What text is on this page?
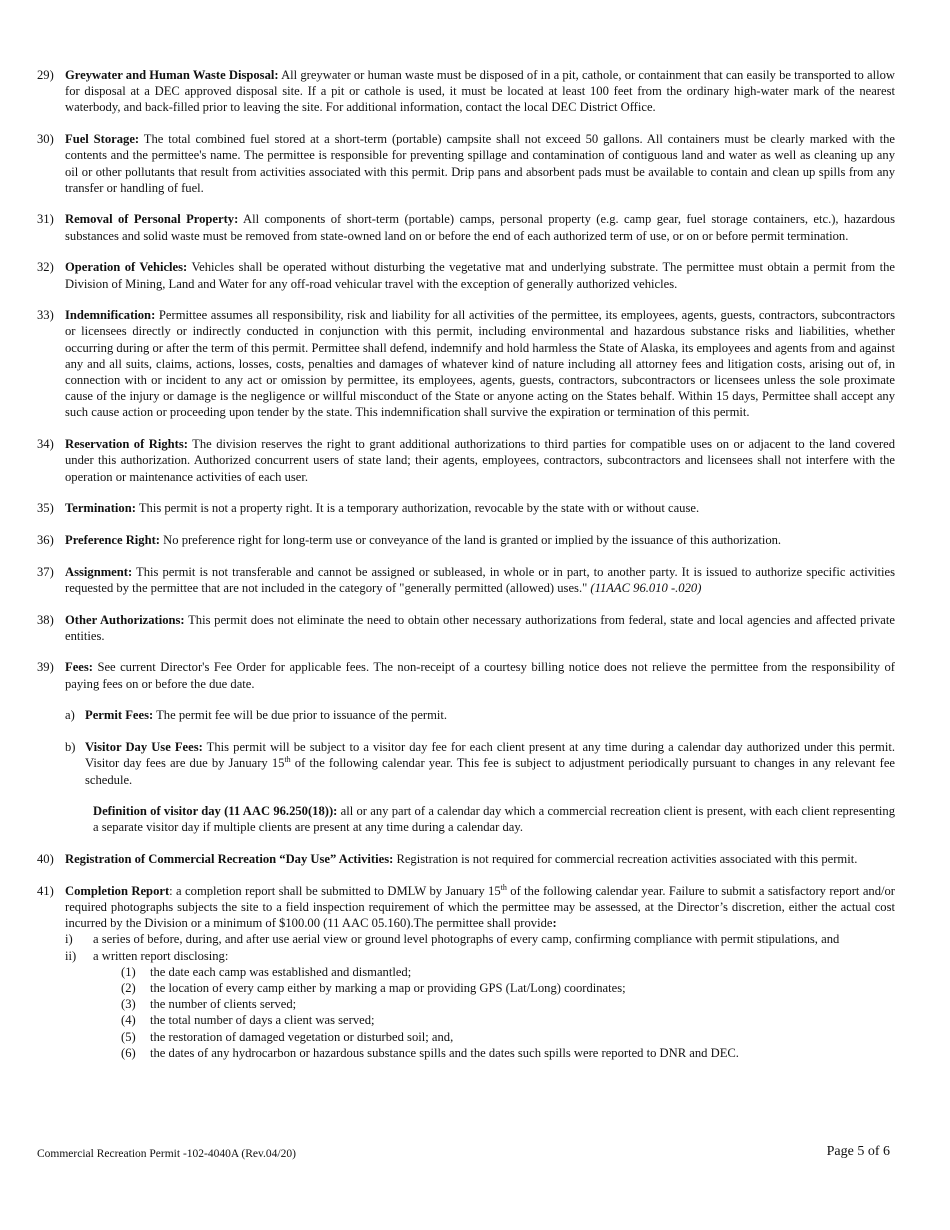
29) Greywater and Human Waste Disposal: All greywater or human waste must be disposed of in a pit, cathole, or containment that can easily be transported to allow for disposal at a DEC approved disposal site. If a pit or cathole is used, it must be located at least 100 feet from the ordinary high-water mark of the nearest waterbody, and back-filled prior to leaving the site. For additional information, contact the local DEC District Office.
30) Fuel Storage: The total combined fuel stored at a short-term (portable) campsite shall not exceed 50 gallons. All containers must be clearly marked with the contents and the permittee's name. The permittee is responsible for preventing spillage and contamination of contiguous land and water as well as cleaning up any oil or other pollutants that result from activities associated with this permit. Drip pans and absorbent pads must be available to contain and clean up spills from any transfer or handling of fuel.
31) Removal of Personal Property: All components of short-term (portable) camps, personal property (e.g. camp gear, fuel storage containers, etc.), hazardous substances and solid waste must be removed from state-owned land on or before the end of each authorized term of use, or on or before permit termination.
32) Operation of Vehicles: Vehicles shall be operated without disturbing the vegetative mat and underlying substrate. The permittee must obtain a permit from the Division of Mining, Land and Water for any off-road vehicular travel with the exception of generally authorized vehicles.
33) Indemnification: Permittee assumes all responsibility, risk and liability for all activities of the permittee, its employees, agents, guests, contractors, subcontractors or licensees directly or indirectly conducted in conjunction with this permit, including environmental and hazardous substance risks and liabilities, whether occurring during or after the term of this permit. Permittee shall defend, indemnify and hold harmless the State of Alaska, its employees and agents from and against any and all suits, claims, actions, losses, costs, penalties and damages of whatever kind of nature including all attorney fees and litigation costs, arising out of, in connection with or incident to any act or omission by permittee, its employees, agents, guests, contractors, subcontractors or licensees unless the sole proximate cause of the injury or damage is the negligence or willful misconduct of the State or anyone acting on the States behalf. Within 15 days, Permittee shall accept any such cause action or proceeding upon tender by the state. This indemnification shall survive the expiration or termination of this permit.
34) Reservation of Rights: The division reserves the right to grant additional authorizations to third parties for compatible uses on or adjacent to the land covered under this authorization. Authorized concurrent users of state land; their agents, employees, contractors, subcontractors and licensees shall not interfere with the operation or maintenance activities of each user.
35) Termination: This permit is not a property right. It is a temporary authorization, revocable by the state with or without cause.
36) Preference Right: No preference right for long-term use or conveyance of the land is granted or implied by the issuance of this authorization.
37) Assignment: This permit is not transferable and cannot be assigned or subleased, in whole or in part, to another party. It is issued to authorize specific activities requested by the permittee that are not included in the category of "generally permitted (allowed) uses." (11AAC 96.010 -.020)
38) Other Authorizations: This permit does not eliminate the need to obtain other necessary authorizations from federal, state and local agencies and affected private entities.
39) Fees: See current Director's Fee Order for applicable fees. The non-receipt of a courtesy billing notice does not relieve the permittee from the responsibility of paying fees on or before the due date.
a) Permit Fees: The permit fee will be due prior to issuance of the permit.
b) Visitor Day Use Fees: This permit will be subject to a visitor day fee for each client present at any time during a calendar day authorized under this permit. Visitor day fees are due by January 15th of the following calendar year. This fee is subject to adjustment periodically pursuant to changes in any relevant fee schedule.
Definition of visitor day (11 AAC 96.250(18)): all or any part of a calendar day which a commercial recreation client is present, with each client representing a separate visitor day if multiple clients are present at any time during a calendar day.
40) Registration of Commercial Recreation “Day Use” Activities: Registration is not required for commercial recreation activities associated with this permit.
41) Completion Report: a completion report shall be submitted to DMLW by January 15th of the following calendar year. Failure to submit a satisfactory report and/or required photographs subjects the site to a field inspection requirement of which the permittee may be assessed, at the Director’s discretion, either the actual cost incurred by the Division or a minimum of $100.00 (11 AAC 05.160).The permittee shall provide:
i)	a series of before, during, and after use aerial view or ground level photographs of every camp, confirming compliance with permit stipulations, and
ii)	a written report disclosing:
(1)	the date each camp was established and dismantled;
(2)	the location of every camp either by marking a map or providing GPS (Lat/Long) coordinates;
(3)	the number of clients served;
(4)	the total number of days a client was served;
(5)	the restoration of damaged vegetation or disturbed soil; and,
(6)	the dates of any hydrocarbon or hazardous substance spills and the dates such spills were reported to DNR and DEC.
Commercial Recreation Permit -102-4040A (Rev.04/20)	Page 5 of 6
